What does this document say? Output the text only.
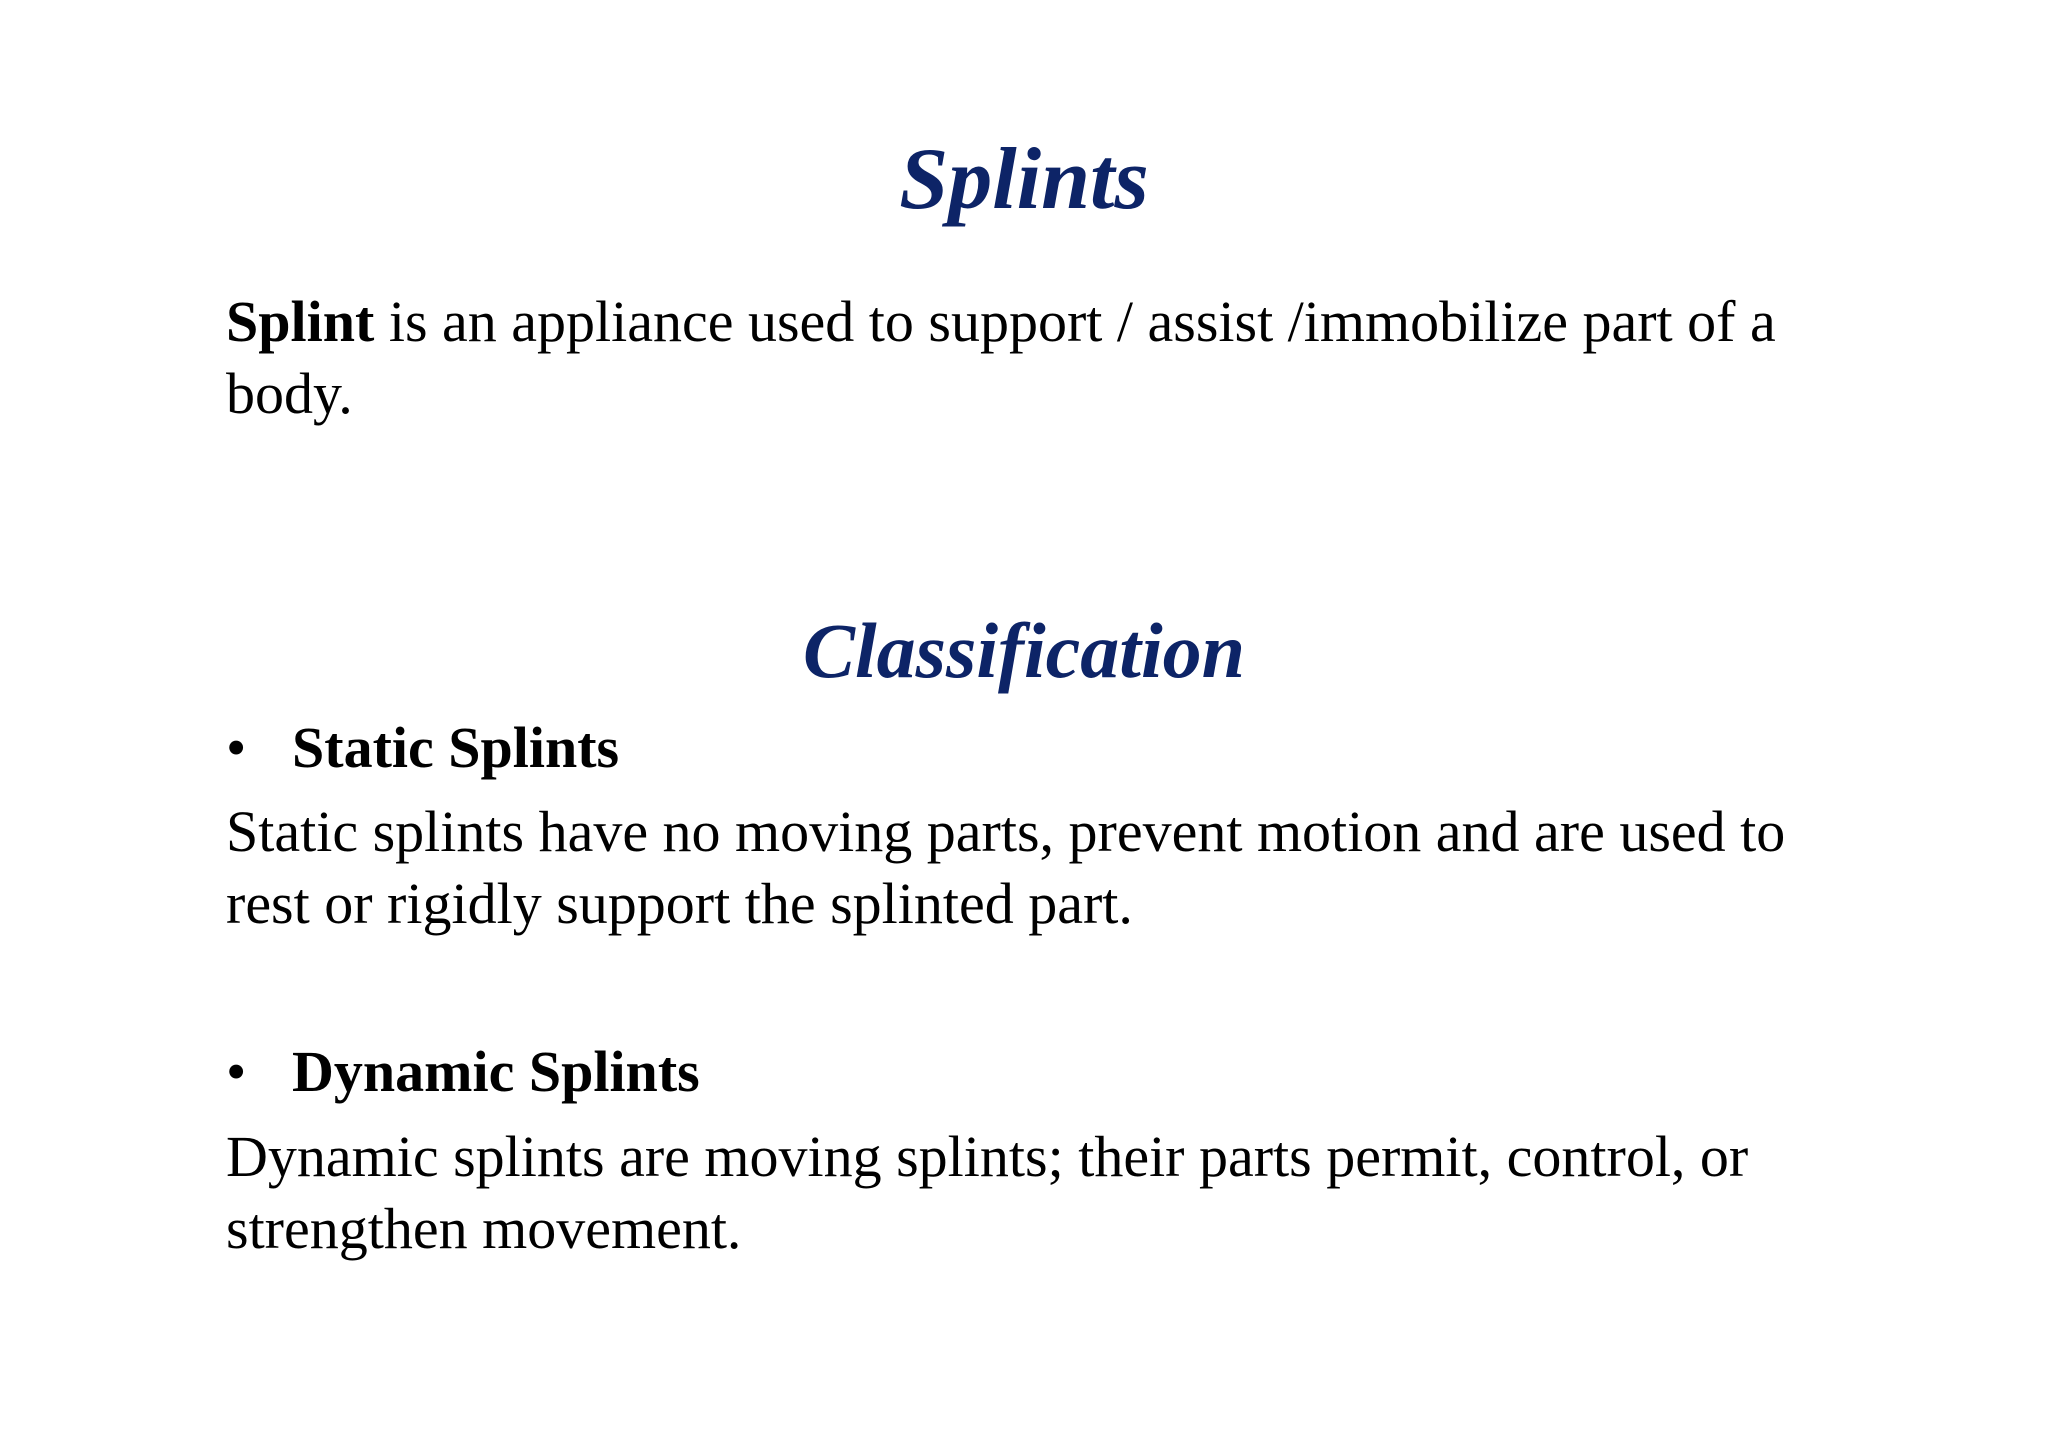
Splints

Splint is an appliance used to support / assist /immobilize part of a body.

Classification

• Static Splints

Static splints have no moving parts, prevent motion and are used to rest or rigidly support the splinted part.

• Dynamic Splints

Dynamic splints are moving splints; their parts permit, control, or strengthen movement.
